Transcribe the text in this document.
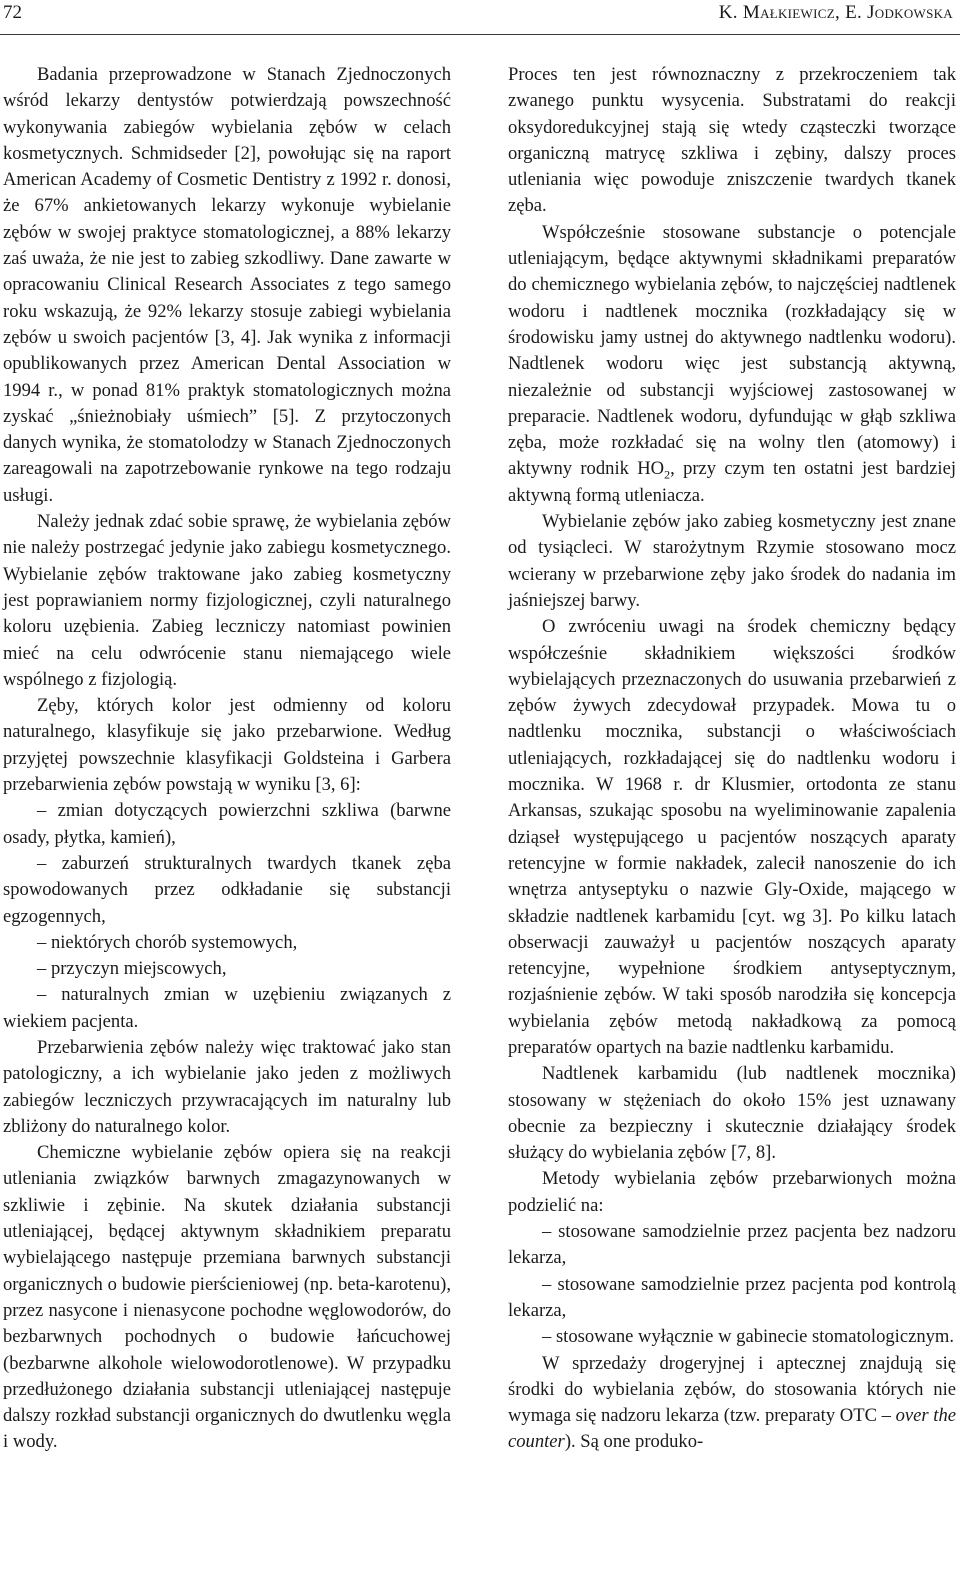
72	K. Małkiewicz, E. Jodkowska

Badania przeprowadzone w Stanach Zjednoczonych wśród lekarzy dentystów potwierdzają powszechność wykonywania zabiegów wybielania zębów w celach kosmetycznych. Schmidseder [2], powołując się na raport American Academy of Cosmetic Dentistry z 1992 r. donosi, że 67% ankietowanych lekarzy wykonuje wybielanie zębów w swojej praktyce stomatologicznej, a 88% lekarzy zaś uważa, że nie jest to zabieg szkodliwy. Dane zawarte w opracowaniu Clinical Research Associates z tego samego roku wskazują, że 92% lekarzy stosuje zabiegi wybielania zębów u swoich pacjentów [3, 4]. Jak wynika z informacji opublikowanych przez American Dental Association w 1994 r., w ponad 81% praktyk stomatologicznych można zyskać „śnieżnobiały uśmiech” [5]. Z przytoczonych danych wynika, że stomatolodzy w Stanach Zjednoczonych zareagowali na zapotrzebowanie rynkowe na tego rodzaju usługi.

Należy jednak zdać sobie sprawę, że wybielania zębów nie należy postrzegać jedynie jako zabiegu kosmetycznego. Wybielanie zębów traktowane jako zabieg kosmetyczny jest poprawianiem normy fizjologicznej, czyli naturalnego koloru uzębienia. Zabieg leczniczy natomiast powinien mieć na celu odwrócenie stanu niemającego wiele wspólnego z fizjologią.

Zęby, których kolor jest odmienny od koloru naturalnego, klasyfikuje się jako przebarwione. Według przyjętej powszechnie klasyfikacji Goldsteina i Garbera przebarwienia zębów powstają w wyniku [3, 6]:

– zmian dotyczących powierzchni szkliwa (barwne osady, płytka, kamień),

– zaburzeń strukturalnych twardych tkanek zęba spowodowanych przez odkładanie się substancji egzogennych,

– niektórych chorób systemowych,

– przyczyn miejscowych,

– naturalnych zmian w uzębieniu związanych z wiekiem pacjenta.

Przebarwienia zębów należy więc traktować jako stan patologiczny, a ich wybielanie jako jeden z możliwych zabiegów leczniczych przywracających im naturalny lub zbliżony do naturalnego kolor.

Chemiczne wybielanie zębów opiera się na reakcji utleniania związków barwnych zmagazynowanych w szkliwie i zębinie. Na skutek działania substancji utleniającej, będącej aktywnym składnikiem preparatu wybielającego następuje przemiana barwnych substancji organicznych o budowie pierścieniowej (np. beta-karotenu), przez nasycone i nienasycone pochodne węglowodorów, do bezbarwnych pochodnych o budowie łańcuchowej (bezbarwne alkohole wielowodorotlenowe). W przypadku przedłużonego działania substancji utleniającej następuje dalszy rozkład substancji organicznych do dwutlenku węgla i wody.

Proces ten jest równoznaczny z przekroczeniem tak zwanego punktu wysycenia. Substratami do reakcji oksydoredukcyjnej stają się wtedy cząsteczki tworzące organiczną matrycę szkliwa i zębiny, dalszy proces utleniania więc powoduje zniszczenie twardych tkanek zęba.

Współcześnie stosowane substancje o potencjale utleniającym, będące aktywnymi składnikami preparatów do chemicznego wybielania zębów, to najczęściej nadtlenek wodoru i nadtlenek mocznika (rozkładający się w środowisku jamy ustnej do aktywnego nadtlenku wodoru). Nadtlenek wodoru więc jest substancją aktywną, niezależnie od substancji wyjściowej zastosowanej w preparacie. Nadtlenek wodoru, dyfundując w głąb szkliwa zęba, może rozkładać się na wolny tlen (atomowy) i aktywny rodnik $HO_2$, przy czym ten ostatni jest bardziej aktywną formą utleniacza.

Wybielanie zębów jako zabieg kosmetyczny jest znane od tysiącleci. W starożytnym Rzymie stosowano mocz wcierany w przebarwione zęby jako środek do nadania im jaśniejszej barwy.

O zwróceniu uwagi na środek chemiczny będący współcześnie składnikiem większości środków wybielających przeznaczonych do usuwania przebarwień z zębów żywych zdecydował przypadek. Mowa tu o nadtlenku mocznika, substancji o właściwościach utleniających, rozkładającej się do nadtlenku wodoru i mocznika. W 1968 r. dr Klusmier, ortodonta ze stanu Arkansas, szukając sposobu na wyeliminowanie zapalenia dziąseł występującego u pacjentów noszących aparaty retencyjne w formie nakładek, zalecił nanoszenie do ich wnętrza antyseptyku o nazwie Gly-Oxide, mającego w składzie nadtlenek karbamidu [cyt. wg 3]. Po kilku latach obserwacji zauważył u pacjentów noszących aparaty retencyjne, wypełnione środkiem antyseptycznym, rozjaśnienie zębów. W taki sposób narodziła się koncepcja wybielania zębów metodą nakładkową za pomocą preparatów opartych na bazie nadtlenku karbamidu.

Nadtlenek karbamidu (lub nadtlenek mocznika) stosowany w stężeniach do około 15% jest uznawany obecnie za bezpieczny i skutecznie działający środek służący do wybielania zębów [7, 8].

Metody wybielania zębów przebarwionych można podzielić na:

– stosowane samodzielnie przez pacjenta bez nadzoru lekarza,

– stosowane samodzielnie przez pacjenta pod kontrolą lekarza,

– stosowane wyłącznie w gabinecie stomatologicznym.

W sprzedaży drogeryjnej i aptecznej znajdują się środki do wybielania zębów, do stosowania których nie wymaga się nadzoru lekarza (tzw. preparaty OTC – over the counter). Są one produko-
